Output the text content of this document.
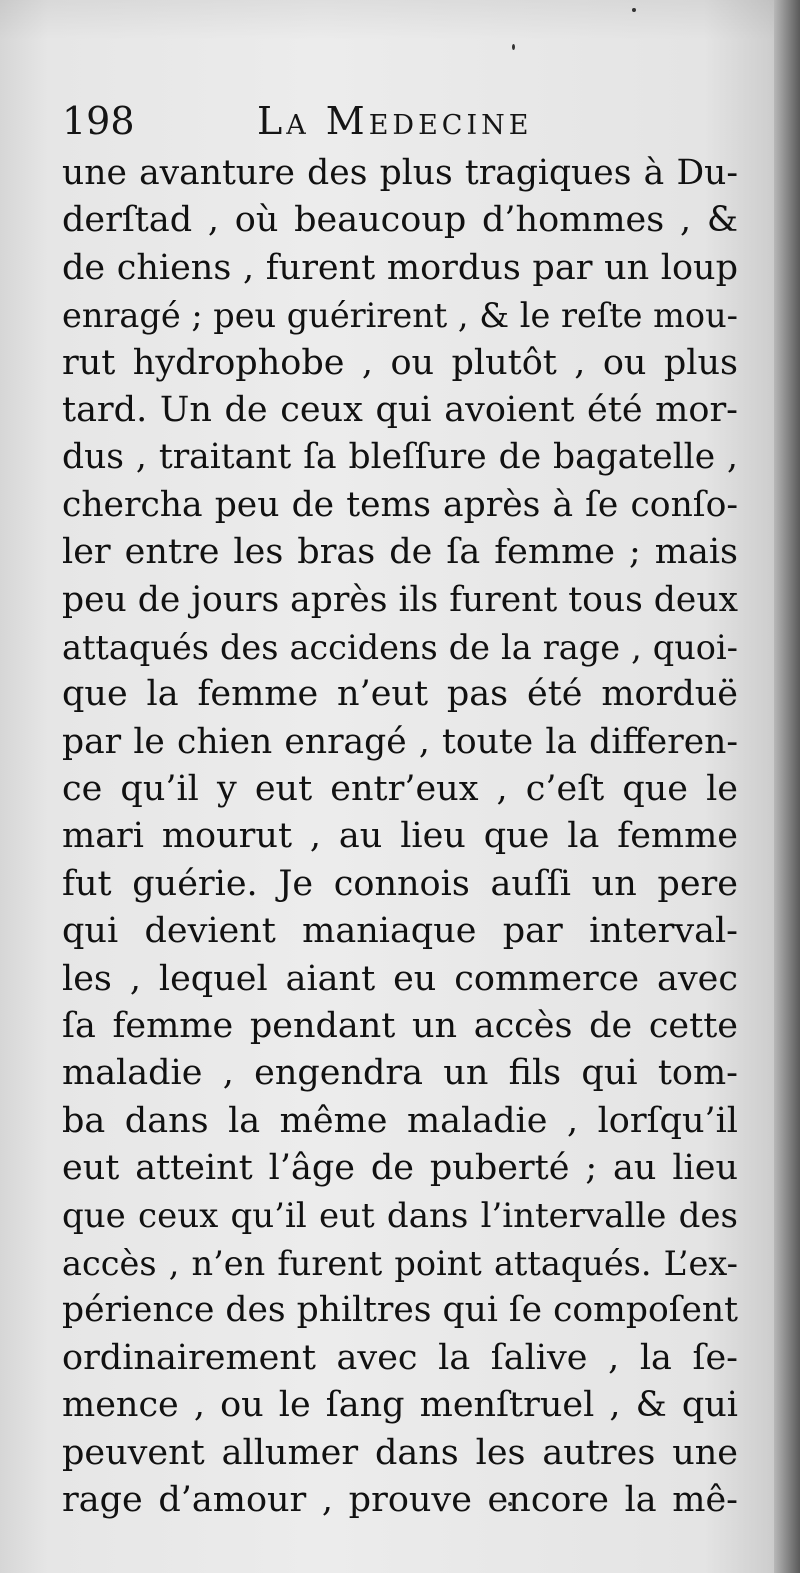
198	La Medecine
une avanture des plus tragiques à Du-
derſtad , où beaucoup d’hommes , &
de chiens , furent mordus par un loup
enragé ; peu guérirent , & le reſte mou-
rut hydrophobe , ou plutôt , ou plus
tard. Un de ceux qui avoient été mor-
dus , traitant ſa bleſſure de bagatelle ,
chercha peu de tems après à ſe conſo-
ler entre les bras de ſa femme ; mais
peu de jours après ils furent tous deux
attaqués des accidens de la rage , quoi-
que la femme n’eut pas été morduë
par le chien enragé , toute la differen-
ce qu’il y eut entr’eux , c’eſt que le
mari mourut , au lieu que la femme
fut guérie. Je connois auſſi un pere
qui devient maniaque par interval-
les , lequel aiant eu commerce avec
ſa femme pendant un accès de cette
maladie , engendra un fils qui tom-
ba dans la même maladie , lorſqu’il
eut atteint l’âge de puberté ; au lieu
que ceux qu’il eut dans l’intervalle des
accès , n’en furent point attaqués. L’ex-
périence des philtres qui ſe compoſent
ordinairement avec la ſalive , la ſe-
mence , ou le ſang menſtruel , & qui
peuvent allumer dans les autres une
rage d’amour , prouve encore la mê-
